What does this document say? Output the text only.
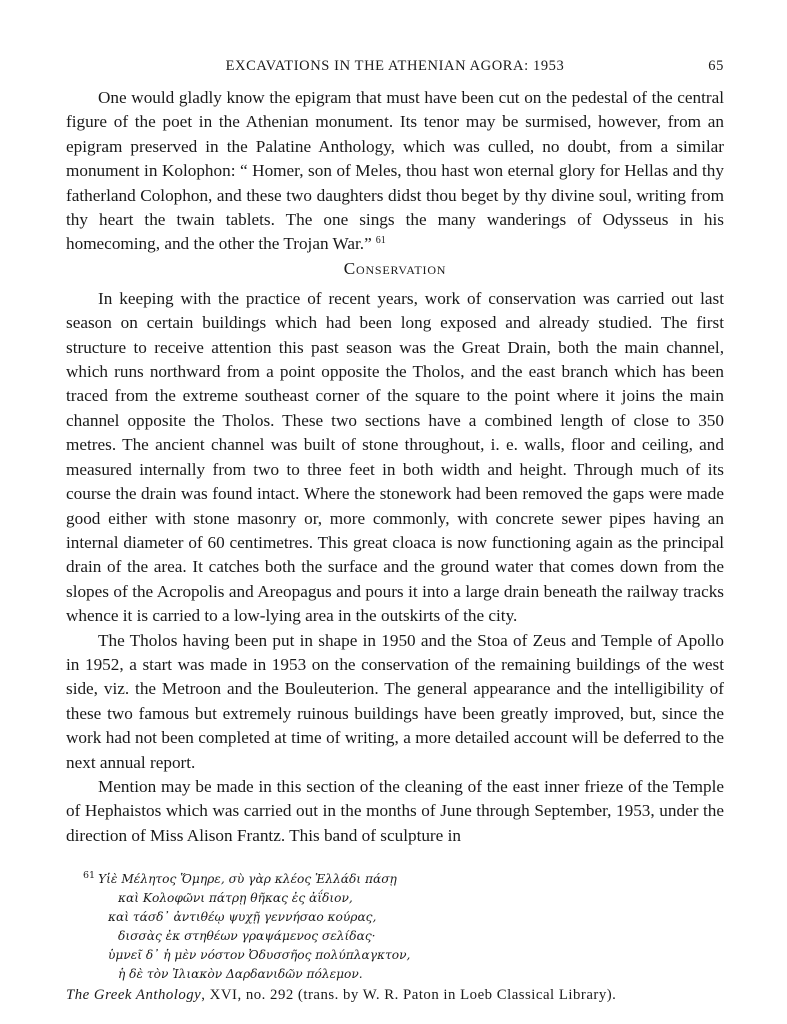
EXCAVATIONS IN THE ATHENIAN AGORA: 1953	65

One would gladly know the epigram that must have been cut on the pedestal of the central figure of the poet in the Athenian monument. Its tenor may be surmised, however, from an epigram preserved in the Palatine Anthology, which was culled, no doubt, from a similar monument in Kolophon: “ Homer, son of Meles, thou hast won eternal glory for Hellas and thy fatherland Colophon, and these two daughters didst thou beget by thy divine soul, writing from thy heart the twain tablets. The one sings the many wanderings of Odysseus in his homecoming, and the other the Trojan War.” $^{61}$

Conservation

In keeping with the practice of recent years, work of conservation was carried out last season on certain buildings which had been long exposed and already studied. The first structure to receive attention this past season was the Great Drain, both the main channel, which runs northward from a point opposite the Tholos, and the east branch which has been traced from the extreme southeast corner of the square to the point where it joins the main channel opposite the Tholos. These two sections have a combined length of close to 350 metres. The ancient channel was built of stone throughout, i. e. walls, floor and ceiling, and measured internally from two to three feet in both width and height. Through much of its course the drain was found intact. Where the stonework had been removed the gaps were made good either with stone masonry or, more commonly, with concrete sewer pipes having an internal diameter of 60 centimetres. This great cloaca is now functioning again as the principal drain of the area. It catches both the surface and the ground water that comes down from the slopes of the Acropolis and Areopagus and pours it into a large drain beneath the railway tracks whence it is carried to a low-lying area in the outskirts of the city.

The Tholos having been put in shape in 1950 and the Stoa of Zeus and Temple of Apollo in 1952, a start was made in 1953 on the conservation of the remaining buildings of the west side, viz. the Metroon and the Bouleuterion. The general appearance and the intelligibility of these two famous but extremely ruinous buildings have been greatly improved, but, since the work had not been completed at time of writing, a more detailed account will be deferred to the next annual report.

Mention may be made in this section of the cleaning of the east inner frieze of the Temple of Hephaistos which was carried out in the months of June through September, 1953, under the direction of Miss Alison Frantz. This band of sculpture in

$^{61}$ Υἱὲ Μέλητος Ὅμηρε, σὺ γὰρ κλέος Ἑλλάδι πάσῃ
καὶ Κολοφῶνι πάτρῃ θῆκας ἐς ἀΐδιον,
καὶ τάσδ᾽ ἀντιθέῳ ψυχῇ γεννήσαο κούρας,
δισσὰς ἐκ στηθέων γραψάμενος σελίδας·
ὑμνεῖ δ᾽ ἡ μὲν νόστον Ὀδυσσῆος πολύπλαγκτον,
ἡ δὲ τὸν Ἰλιακὸν Δαρδανιδῶν πόλεμον.
The Greek Anthology, XVI, no. 292 (trans. by W. R. Paton in Loeb Classical Library).
